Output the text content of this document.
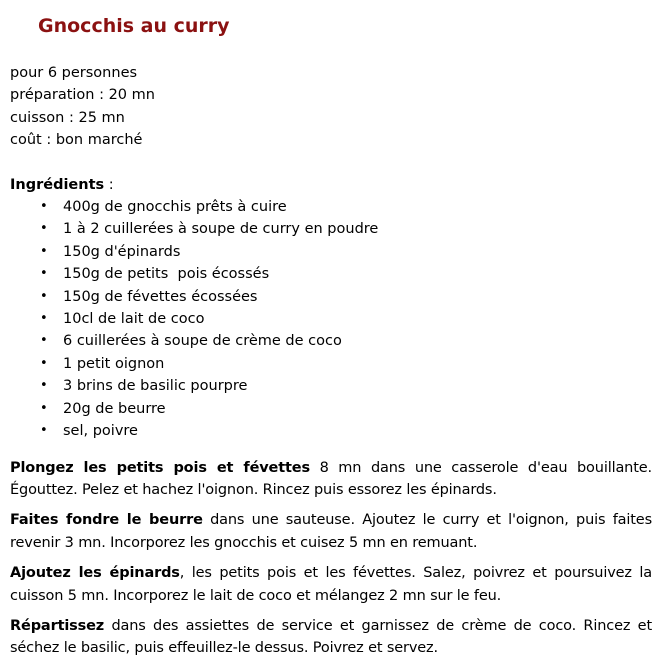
Gnocchis au curry
pour 6 personnes
préparation : 20 mn
cuisson : 25 mn
coût : bon marché
Ingrédients :
• 400g de gnocchis prêts à cuire
• 1 à 2 cuillerées à soupe de curry en poudre
• 150g d'épinards
• 150g de petits  pois écossés
• 150g de févettes écossées
• 10cl de lait de coco
• 6 cuillerées à soupe de crème de coco
• 1 petit oignon
• 3 brins de basilic pourpre
• 20g de beurre
• sel, poivre

Plongez les petits pois et févettes 8 mn dans une casserole d'eau bouillante. Égouttez. Pelez et hachez l'oignon. Rincez puis essorez les épinards.

Faites fondre le beurre dans une sauteuse. Ajoutez le curry et l'oignon, puis faites revenir 3 mn. Incorporez les gnocchis et cuisez 5 mn en remuant.

Ajoutez les épinards, les petits pois et les févettes. Salez, poivrez et poursuivez la cuisson 5 mn. Incorporez le lait de coco et mélangez 2 mn sur le feu.

Répartissez dans des assiettes de service et garnissez de crème de coco. Rincez et séchez le basilic, puis effeuillez-le dessus. Poivrez et servez.
